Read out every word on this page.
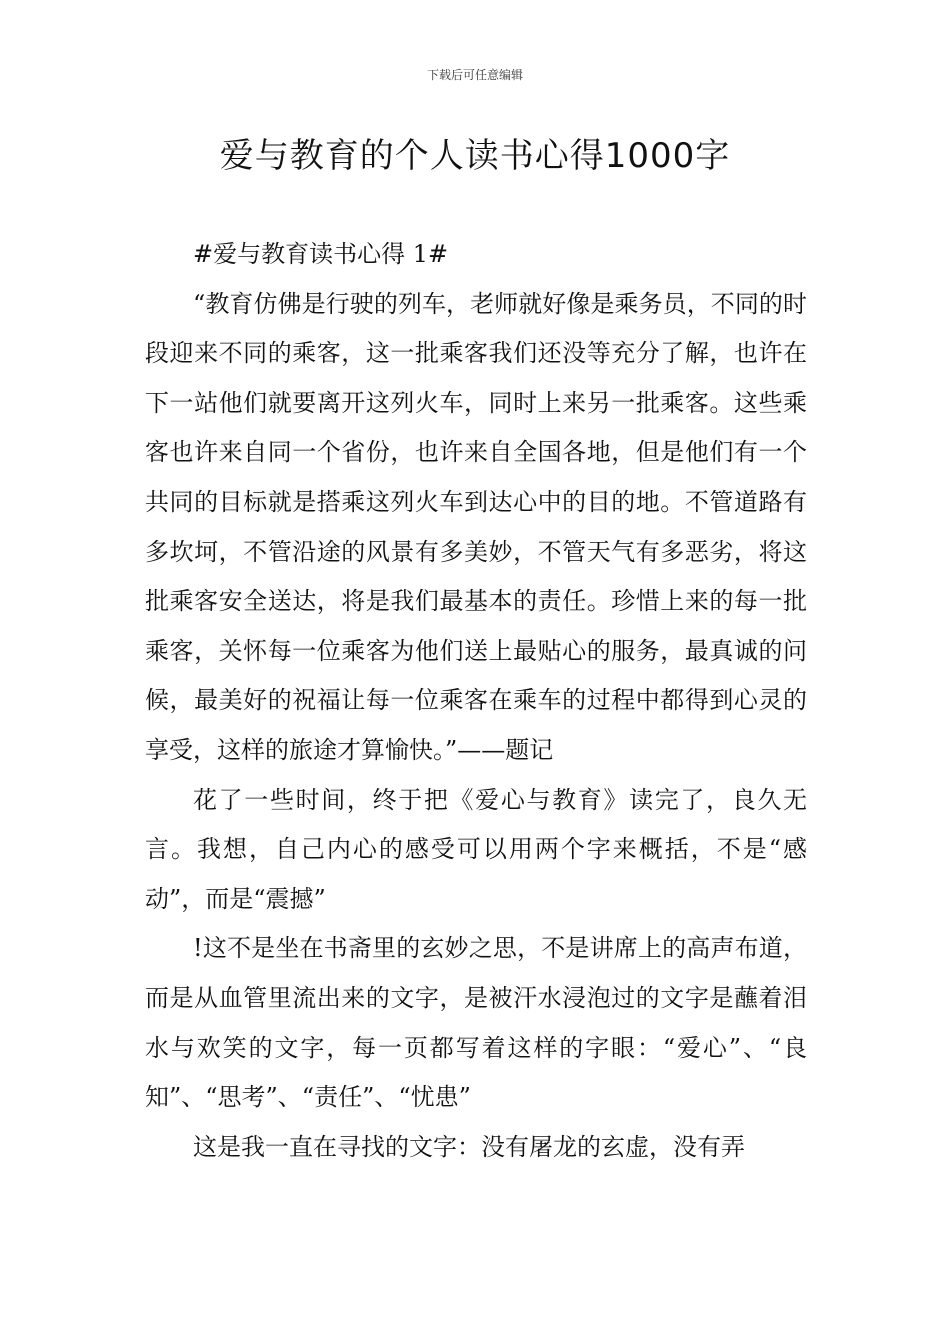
下载后可任意编辑
爱与教育的个人读书心得1000字

#爱与教育读书心得 1#

“教育仿佛是行驶的列车，老师就好像是乘务员，不同的时段迎来不同的乘客，这一批乘客我们还没等充分了解，也许在下一站他们就要离开这列火车，同时上来另一批乘客。这些乘客也许来自同一个省份，也许来自全国各地，但是他们有一个共同的目标就是搭乘这列火车到达心中的目的地。不管道路有多坎坷，不管沿途的风景有多美妙，不管天气有多恶劣，将这批乘客安全送达，将是我们最基本的责任。珍惜上来的每一批乘客，关怀每一位乘客为他们送上最贴心的服务，最真诚的问候，最美好的祝福让每一位乘客在乘车的过程中都得到心灵的享受，这样的旅途才算愉快。”——题记

花了一些时间，终于把《爱心与教育》读完了，良久无言。我想，自己内心的感受可以用两个字来概括，不是“感动”，而是“震撼”

!这不是坐在书斋里的玄妙之思，不是讲席上的高声布道，而是从血管里流出来的文字，是被汗水浸泡过的文字是蘸着泪水与欢笑的文字，每一页都写着这样的字眼：“爱心”、“良知”、“思考”、“责任”、“忧患”

这是我一直在寻找的文字：没有屠龙的玄虚，没有弄
